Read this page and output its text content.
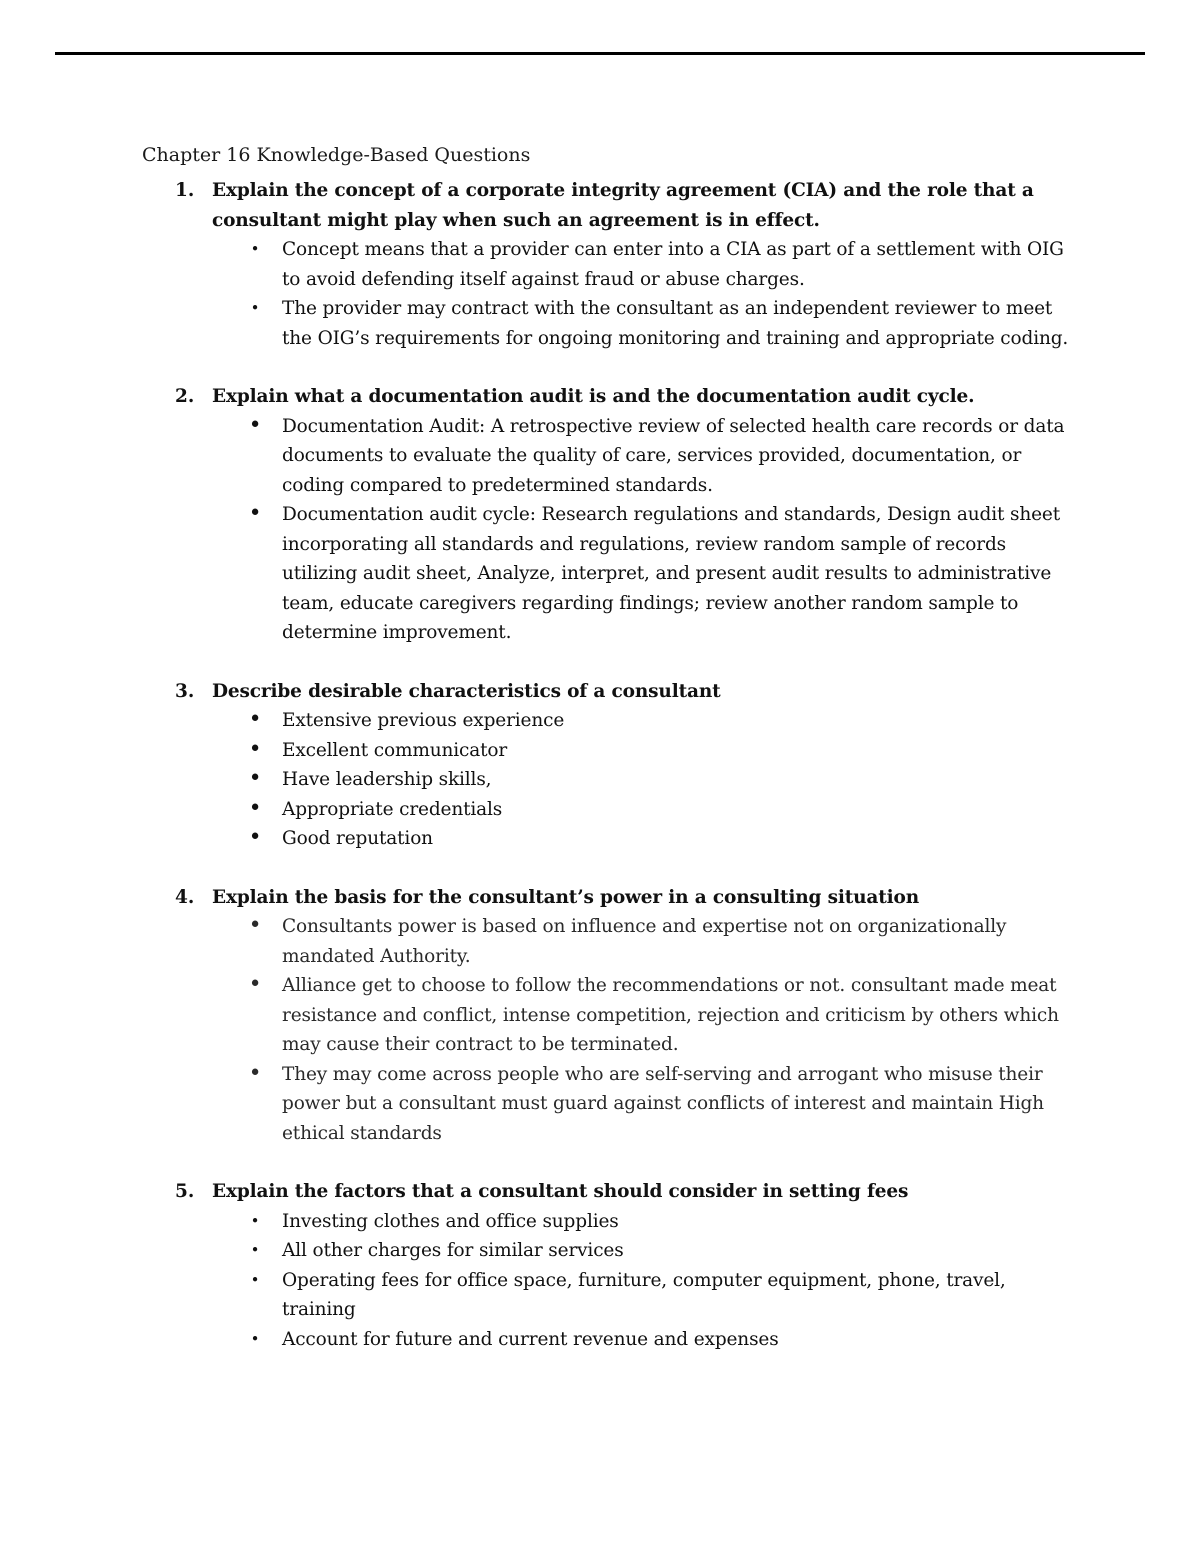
Chapter 16 Knowledge-Based Questions
1. Explain the concept of a corporate integrity agreement (CIA) and the role that a consultant might play when such an agreement is in effect.

• Concept means that a provider can enter into a CIA as part of a settlement with OIG to avoid defending itself against fraud or abuse charges.
• The provider may contract with the consultant as an independent reviewer to meet the OIG’s requirements for ongoing monitoring and training and appropriate coding.
2. Explain what a documentation audit is and the documentation audit cycle.

• Documentation Audit: A retrospective review of selected health care records or data documents to evaluate the quality of care, services provided, documentation, or coding compared to predetermined standards.
• Documentation audit cycle: Research regulations and standards, Design audit sheet incorporating all standards and regulations, review random sample of records utilizing audit sheet, Analyze, interpret, and present audit results to administrative team, educate caregivers regarding findings; review another random sample to determine improvement.
3. Describe desirable characteristics of a consultant

• Extensive previous experience
• Excellent communicator
• Have leadership skills,
• Appropriate credentials
• Good reputation
4. Explain the basis for the consultant’s power in a consulting situation

• Consultants power is based on influence and expertise not on organizationally mandated Authority.
• Alliance get to choose to follow the recommendations or not. consultant made meat resistance and conflict, intense competition, rejection and criticism by others which may cause their contract to be terminated.
• They may come across people who are self-serving and arrogant who misuse their power but a consultant must guard against conflicts of interest and maintain High ethical standards
5. Explain the factors that a consultant should consider in setting fees

• Investing clothes and office supplies
• All other charges for similar services
• Operating fees for office space, furniture, computer equipment, phone, travel, training
• Account for future and current revenue and expenses
